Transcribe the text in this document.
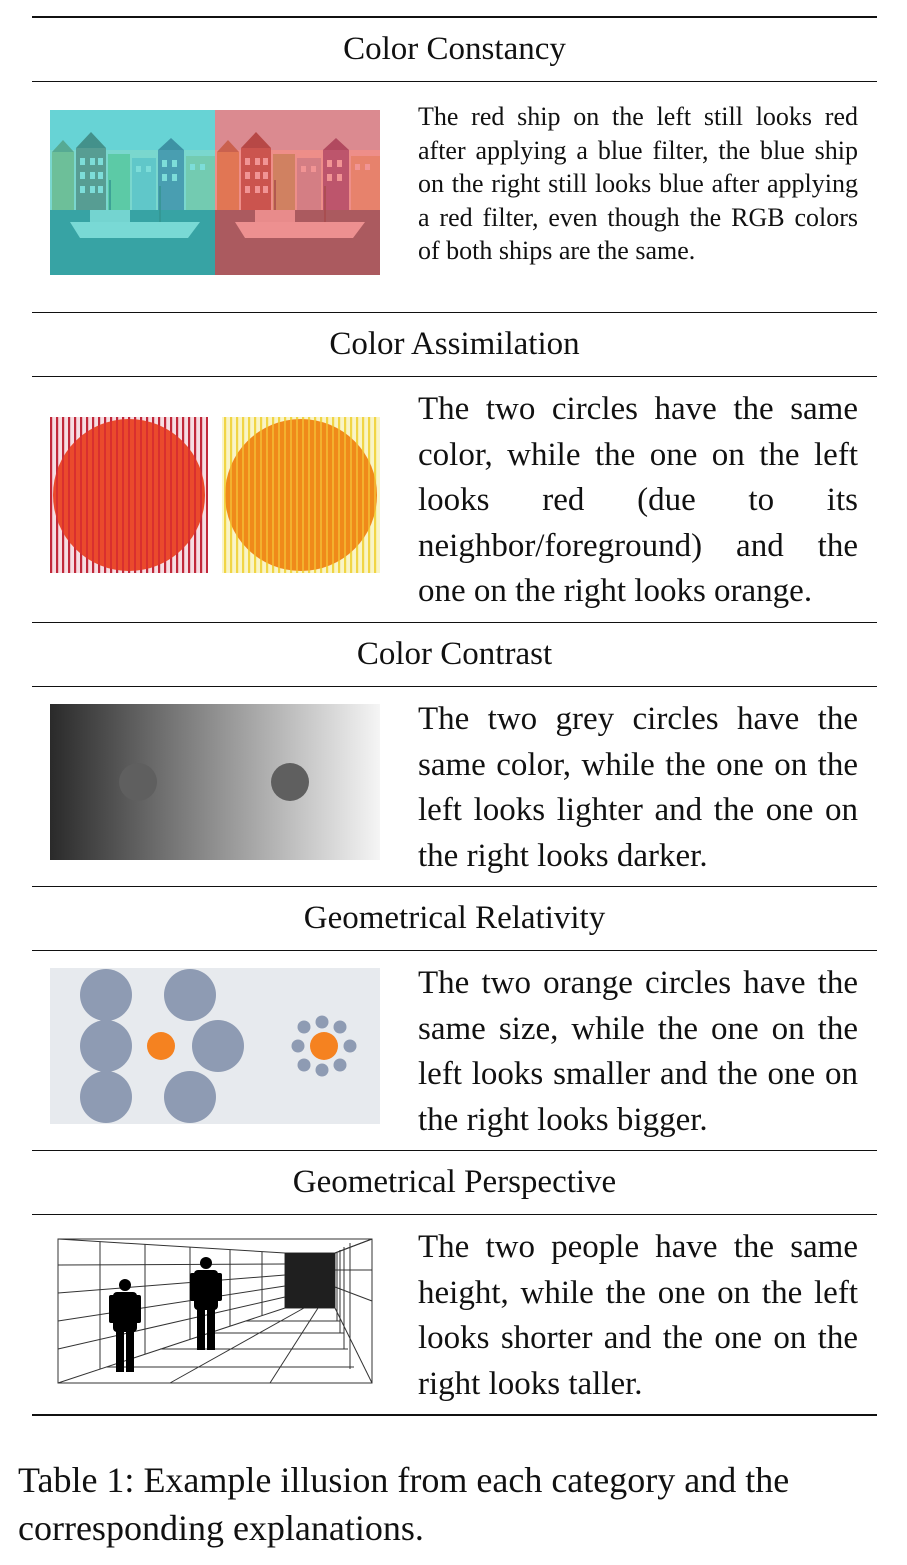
Color Constancy
The red ship on the left still looks red after applying a blue filter, the blue ship on the right still looks blue after applying a red filter, even though the RGB colors of both ships are the same.
Color Assimilation
The two circles have the same color, while the one on the left looks red (due to its neighbor/foreground) and the one on the right looks orange.
Color Contrast
The two grey circles have the same color, while the one on the left looks lighter and the one on the right looks darker.
Geometrical Relativity
The two orange circles have the same size, while the one on the left looks smaller and the one on the right looks bigger.
Geometrical Perspective
The two people have the same height, while the one on the left looks shorter and the one on the right looks taller.
Table 1: Example illusion from each category and the corresponding explanations.
